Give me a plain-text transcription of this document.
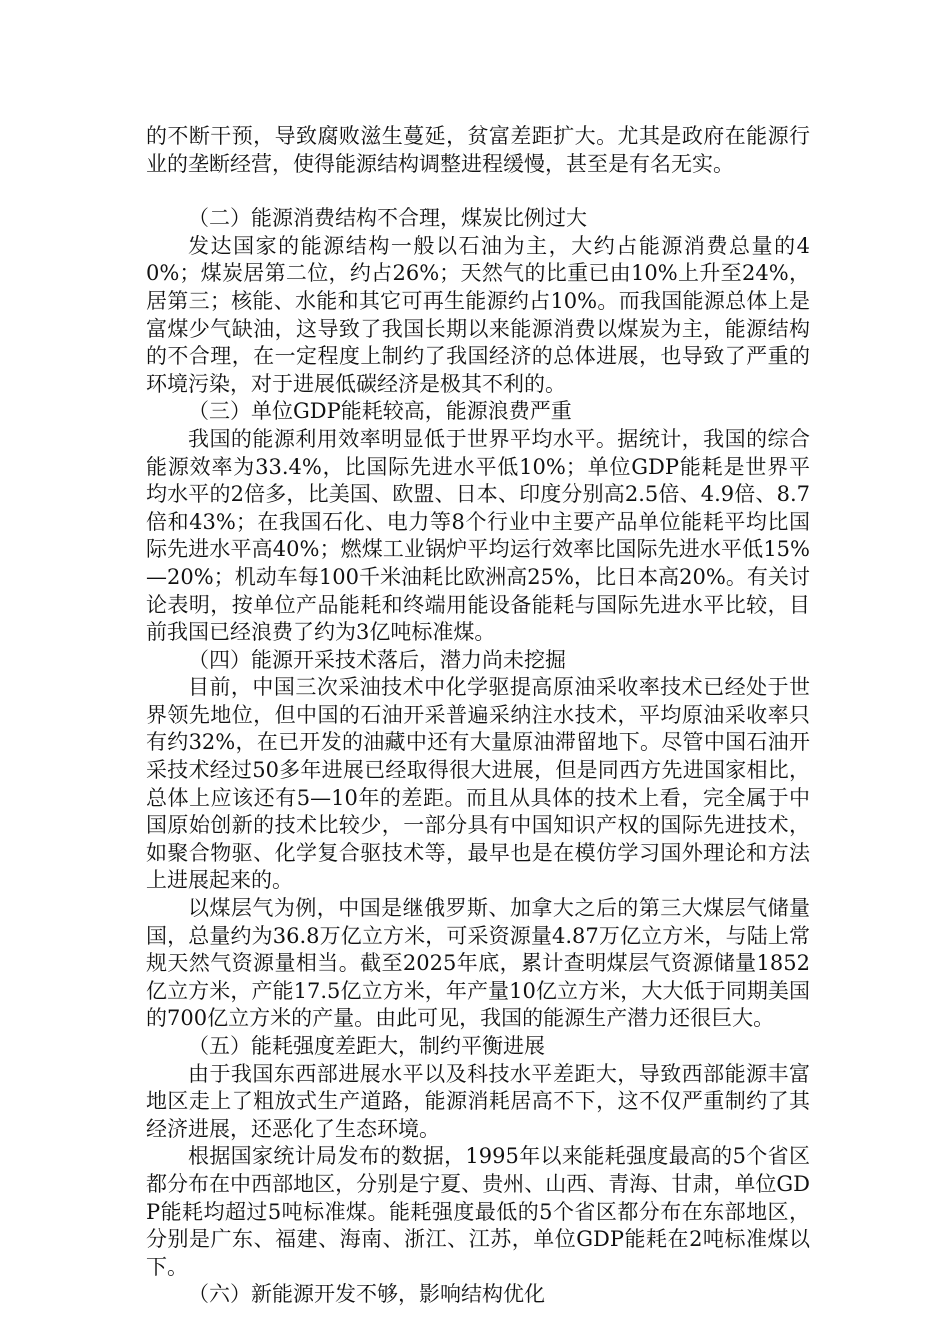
的不断干预，导致腐败滋生蔓延，贫富差距扩大。尤其是政府在能源行业的垄断经营，使得能源结构调整进程缓慢，甚至是有名无实。

（二）能源消费结构不合理，煤炭比例过大

发达国家的能源结构一般以石油为主，大约占能源消费总量的40%；煤炭居第二位，约占26%；天然气的比重已由10%上升至24%，居第三；核能、水能和其它可再生能源约占10%。而我国能源总体上是富煤少气缺油，这导致了我国长期以来能源消费以煤炭为主，能源结构的不合理，在一定程度上制约了我国经济的总体进展，也导致了严重的环境污染，对于进展低碳经济是极其不利的。

（三）单位GDP能耗较高，能源浪费严重

我国的能源利用效率明显低于世界平均水平。据统计，我国的综合能源效率为33.4%，比国际先进水平低10%；单位GDP能耗是世界平均水平的2倍多，比美国、欧盟、日本、印度分别高2.5倍、4.9倍、8.7倍和43%；在我国石化、电力等8个行业中主要产品单位能耗平均比国际先进水平高40%；燃煤工业锅炉平均运行效率比国际先进水平低15%—20%；机动车每100千米油耗比欧洲高25%，比日本高20%。有关讨论表明，按单位产品能耗和终端用能设备能耗与国际先进水平比较，目前我国已经浪费了约为3亿吨标准煤。

（四）能源开采技术落后，潜力尚未挖掘

目前，中国三次采油技术中化学驱提高原油采收率技术已经处于世界领先地位，但中国的石油开采普遍采纳注水技术，平均原油采收率只有约32%，在已开发的油藏中还有大量原油滞留地下。尽管中国石油开采技术经过50多年进展已经取得很大进展，但是同西方先进国家相比，总体上应该还有5—10年的差距。而且从具体的技术上看，完全属于中国原始创新的技术比较少，一部分具有中国知识产权的国际先进技术，如聚合物驱、化学复合驱技术等，最早也是在模仿学习国外理论和方法上进展起来的。

以煤层气为例，中国是继俄罗斯、加拿大之后的第三大煤层气储量国，总量约为36.8万亿立方米，可采资源量4.87万亿立方米，与陆上常规天然气资源量相当。截至2025年底，累计查明煤层气资源储量1852亿立方米，产能17.5亿立方米，年产量10亿立方米，大大低于同期美国的700亿立方米的产量。由此可见，我国的能源生产潜力还很巨大。

（五）能耗强度差距大，制约平衡进展

由于我国东西部进展水平以及科技水平差距大，导致西部能源丰富地区走上了粗放式生产道路，能源消耗居高不下，这不仅严重制约了其经济进展，还恶化了生态环境。

根据国家统计局发布的数据，1995年以来能耗强度最高的5个省区都分布在中西部地区，分别是宁夏、贵州、山西、青海、甘肃，单位GDP能耗均超过5吨标准煤。能耗强度最低的5个省区都分布在东部地区，分别是广东、福建、海南、浙江、江苏，单位GDP能耗在2吨标准煤以下。

（六）新能源开发不够，影响结构优化
